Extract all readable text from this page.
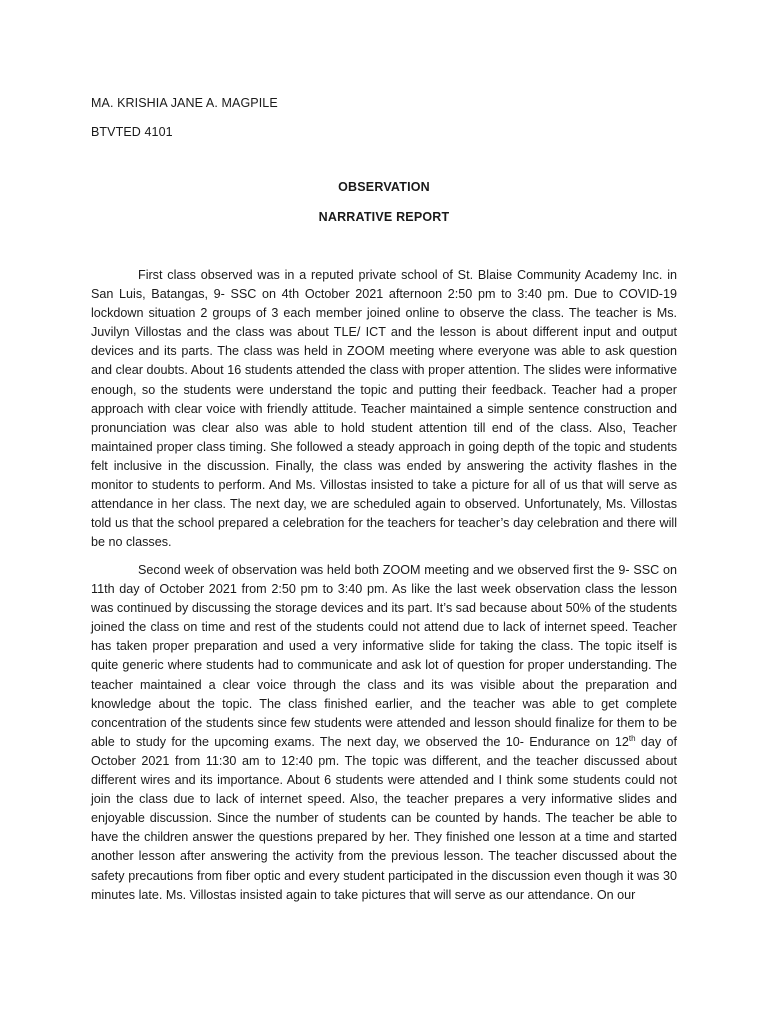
MA. KRISHIA JANE A. MAGPILE
BTVTED 4101
OBSERVATION
NARRATIVE REPORT

First class observed was in a reputed private school of St. Blaise Community Academy Inc. in San Luis, Batangas, 9- SSC on 4th October 2021 afternoon 2:50 pm to 3:40 pm. Due to COVID-19 lockdown situation 2 groups of 3 each member joined online to observe the class. The teacher is Ms. Juvilyn Villostas and the class was about TLE/ ICT and the lesson is about different input and output devices and its parts. The class was held in ZOOM meeting where everyone was able to ask question and clear doubts. About 16 students attended the class with proper attention. The slides were informative enough, so the students were understand the topic and putting their feedback. Teacher had a proper approach with clear voice with friendly attitude. Teacher maintained a simple sentence construction and pronunciation was clear also was able to hold student attention till end of the class. Also, Teacher maintained proper class timing. She followed a steady approach in going depth of the topic and students felt inclusive in the discussion. Finally, the class was ended by answering the activity flashes in the monitor to students to perform. And Ms. Villostas insisted to take a picture for all of us that will serve as attendance in her class. The next day, we are scheduled again to observed. Unfortunately, Ms. Villostas told us that the school prepared a celebration for the teachers for teacher’s day celebration and there will be no classes.

Second week of observation was held both ZOOM meeting and we observed first the 9- SSC on 11th day of October 2021 from 2:50 pm to 3:40 pm. As like the last week observation class the lesson was continued by discussing the storage devices and its part. It’s sad because about 50% of the students joined the class on time and rest of the students could not attend due to lack of internet speed. Teacher has taken proper preparation and used a very informative slide for taking the class. The topic itself is quite generic where students had to communicate and ask lot of question for proper understanding. The teacher maintained a clear voice through the class and its was visible about the preparation and knowledge about the topic. The class finished earlier, and the teacher was able to get complete concentration of the students since few students were attended and lesson should finalize for them to be able to study for the upcoming exams. The next day, we observed the 10- Endurance on 12th day of October 2021 from 11:30 am to 12:40 pm. The topic was different, and the teacher discussed about different wires and its importance. About 6 students were attended and I think some students could not join the class due to lack of internet speed. Also, the teacher prepares a very informative slides and enjoyable discussion. Since the number of students can be counted by hands. The teacher be able to have the children answer the questions prepared by her. They finished one lesson at a time and started another lesson after answering the activity from the previous lesson. The teacher discussed about the safety precautions from fiber optic and every student participated in the discussion even though it was 30 minutes late. Ms. Villostas insisted again to take pictures that will serve as our attendance. On our
